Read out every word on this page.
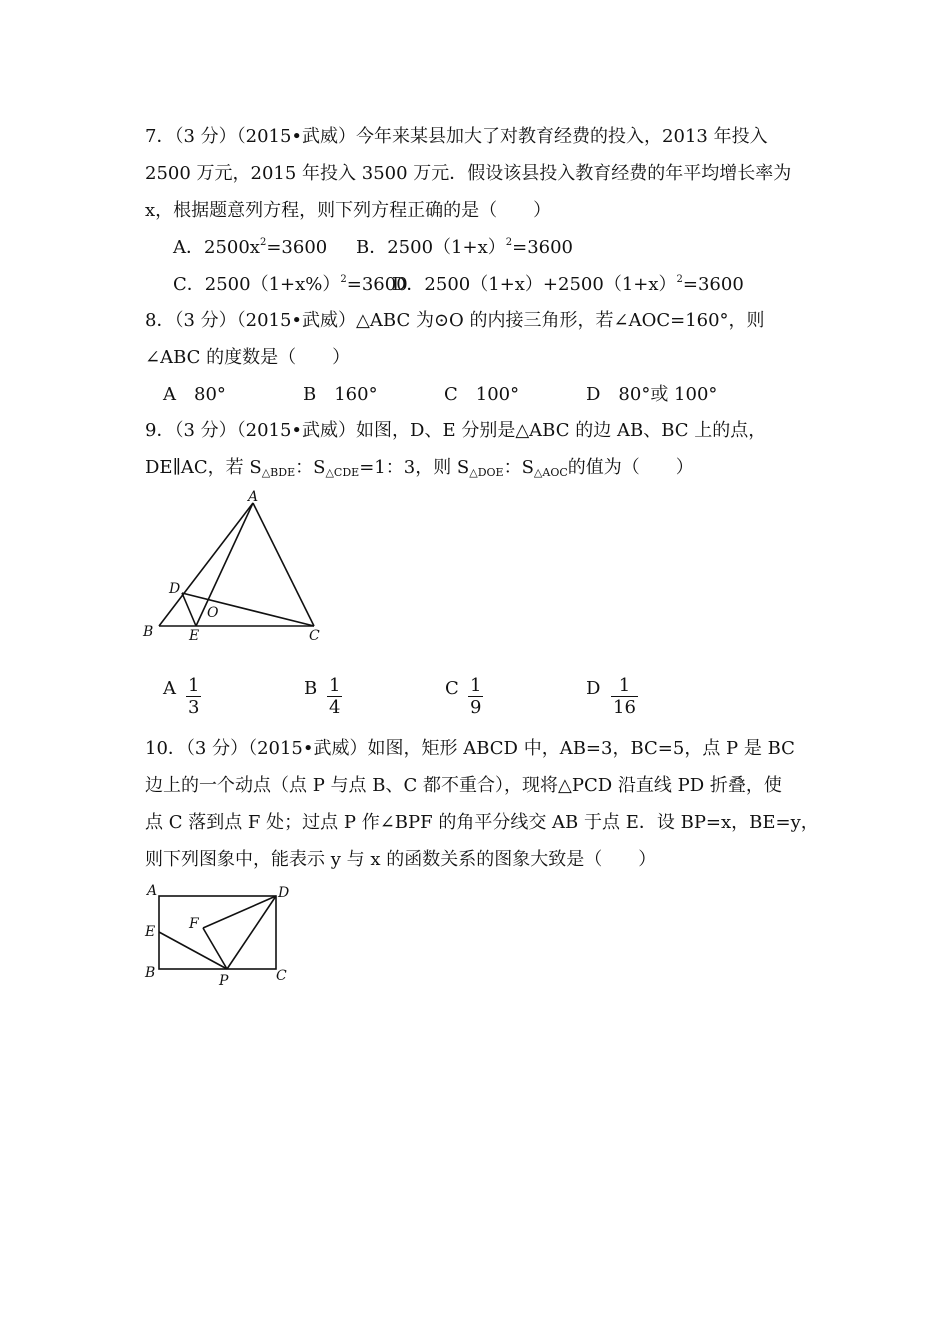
7．（3 分）（2015•武威）今年来某县加大了对教育经费的投入，2013 年投入
2500 万元，2015 年投入 3500 万元．假设该县投入教育经费的年平均增长率为
x，根据题意列方程，则下列方程正确的是（　　）
A．$2500x^2=3600$ B．$2500(1+x)^2=3600$
C．$2500(1+x\%)^2=3600$
D．$2500(1+x)+2500(1+x)^2=3600$
8．（3 分）（2015•武威）△ABC 为⊙O 的内接三角形，若∠AOC=160°，则
∠ABC 的度数是（　　）
A　80°	B　160°	C　100°	D　80°或 100°
9．（3 分）（2015•武威）如图，D、E 分别是△ABC 的边 AB、BC 上的点，
DE∥AC，若 $S_{\triangle BDE}$：$S_{\triangle CDE}=1$：3，则 $S_{\triangle DOE}$：$S_{\triangle AOC}$的值为（　　）
A
B	C
D
E
O
A 1
3
B 1
4
C 1
9
D	1
16
10．（3 分）（2015•武威）如图，矩形 ABCD 中，AB=3，BC=5，点 P 是 BC
边上的一个动点（点 P 与点 B、C 都不重合），现将△PCD 沿直线 PD 折叠，使
点 C 落到点 F 处；过点 P 作∠BPF 的角平分线交 AB 于点 E．设 BP=x，BE=y，
则下列图象中，能表示 y 与 x 的函数关系的图象大致是（　　）
A
E
B
D
F
P	C
